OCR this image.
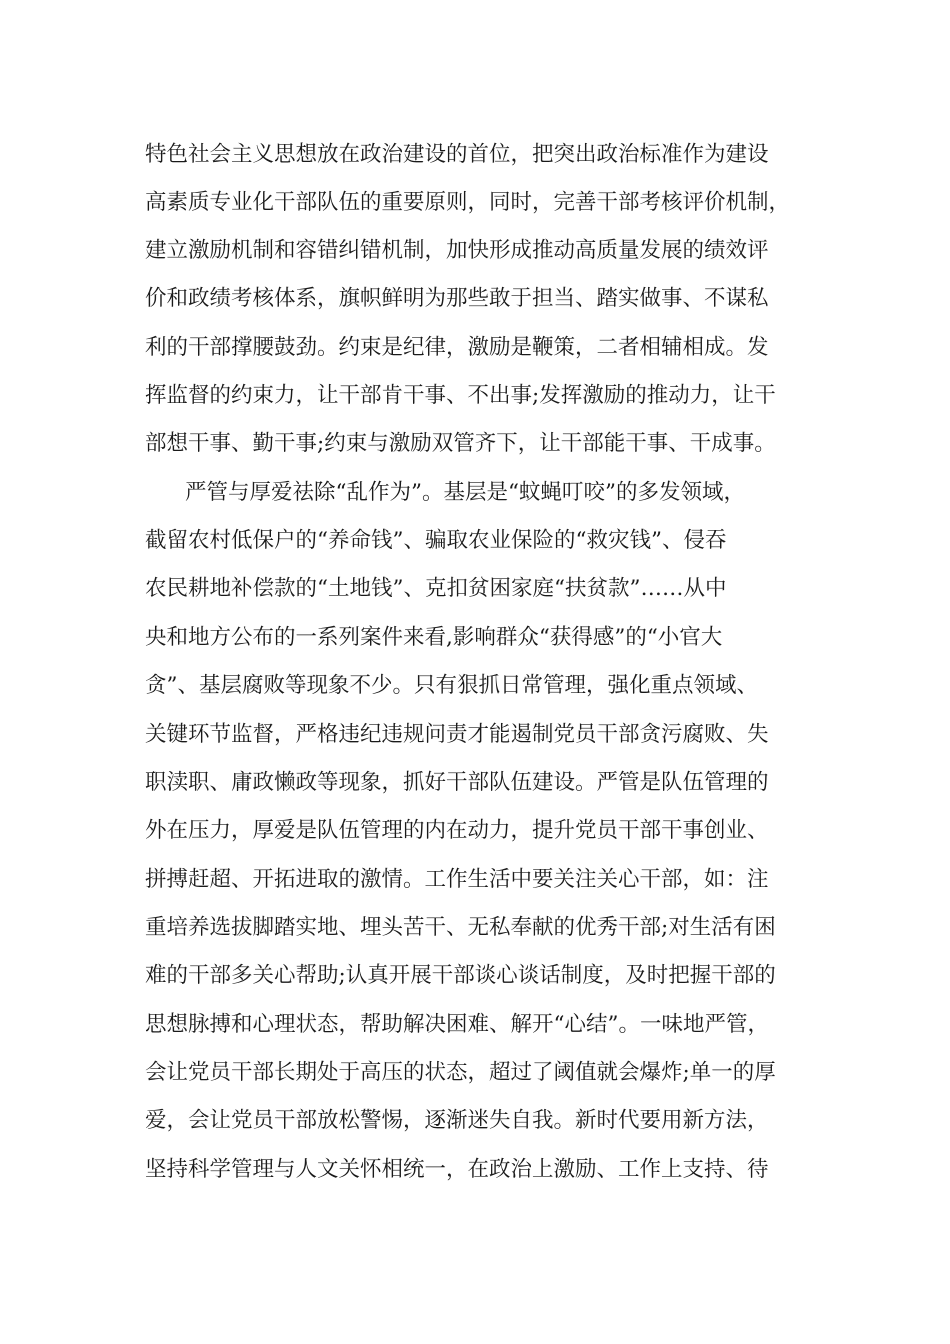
特色社会主义思想放在政治建设的首位，把突出政治标准作为建设
高素质专业化干部队伍的重要原则，同时，完善干部考核评价机制，
建立激励机制和容错纠错机制，加快形成推动高质量发展的绩效评
价和政绩考核体系，旗帜鲜明为那些敢于担当、踏实做事、不谋私
利的干部撑腰鼓劲。约束是纪律，激励是鞭策，二者相辅相成。发
挥监督的约束力，让干部肯干事、不出事;发挥激励的推动力，让干
部想干事、勤干事;约束与激励双管齐下，让干部能干事、干成事。
严管与厚爱祛除“乱作为”。基层是“蚊蝇叮咬”的多发领域，
截留农村低保户的“养命钱”、骗取农业保险的“救灾钱”、侵吞
农民耕地补偿款的“土地钱”、克扣贫困家庭“扶贫款”……从中
央和地方公布的一系列案件来看,影响群众“获得感”的“小官大
贪”、基层腐败等现象不少。只有狠抓日常管理，强化重点领域、
关键环节监督，严格违纪违规问责才能遏制党员干部贪污腐败、失
职渎职、庸政懒政等现象，抓好干部队伍建设。严管是队伍管理的
外在压力，厚爱是队伍管理的内在动力，提升党员干部干事创业、
拼搏赶超、开拓进取的激情。工作生活中要关注关心干部，如：注
重培养选拔脚踏实地、埋头苦干、无私奉献的优秀干部;对生活有困
难的干部多关心帮助;认真开展干部谈心谈话制度，及时把握干部的
思想脉搏和心理状态，帮助解决困难、解开“心结”。一味地严管，
会让党员干部长期处于高压的状态，超过了阈值就会爆炸;单一的厚
爱，会让党员干部放松警惕，逐渐迷失自我。新时代要用新方法，
坚持科学管理与人文关怀相统一，在政治上激励、工作上支持、待
